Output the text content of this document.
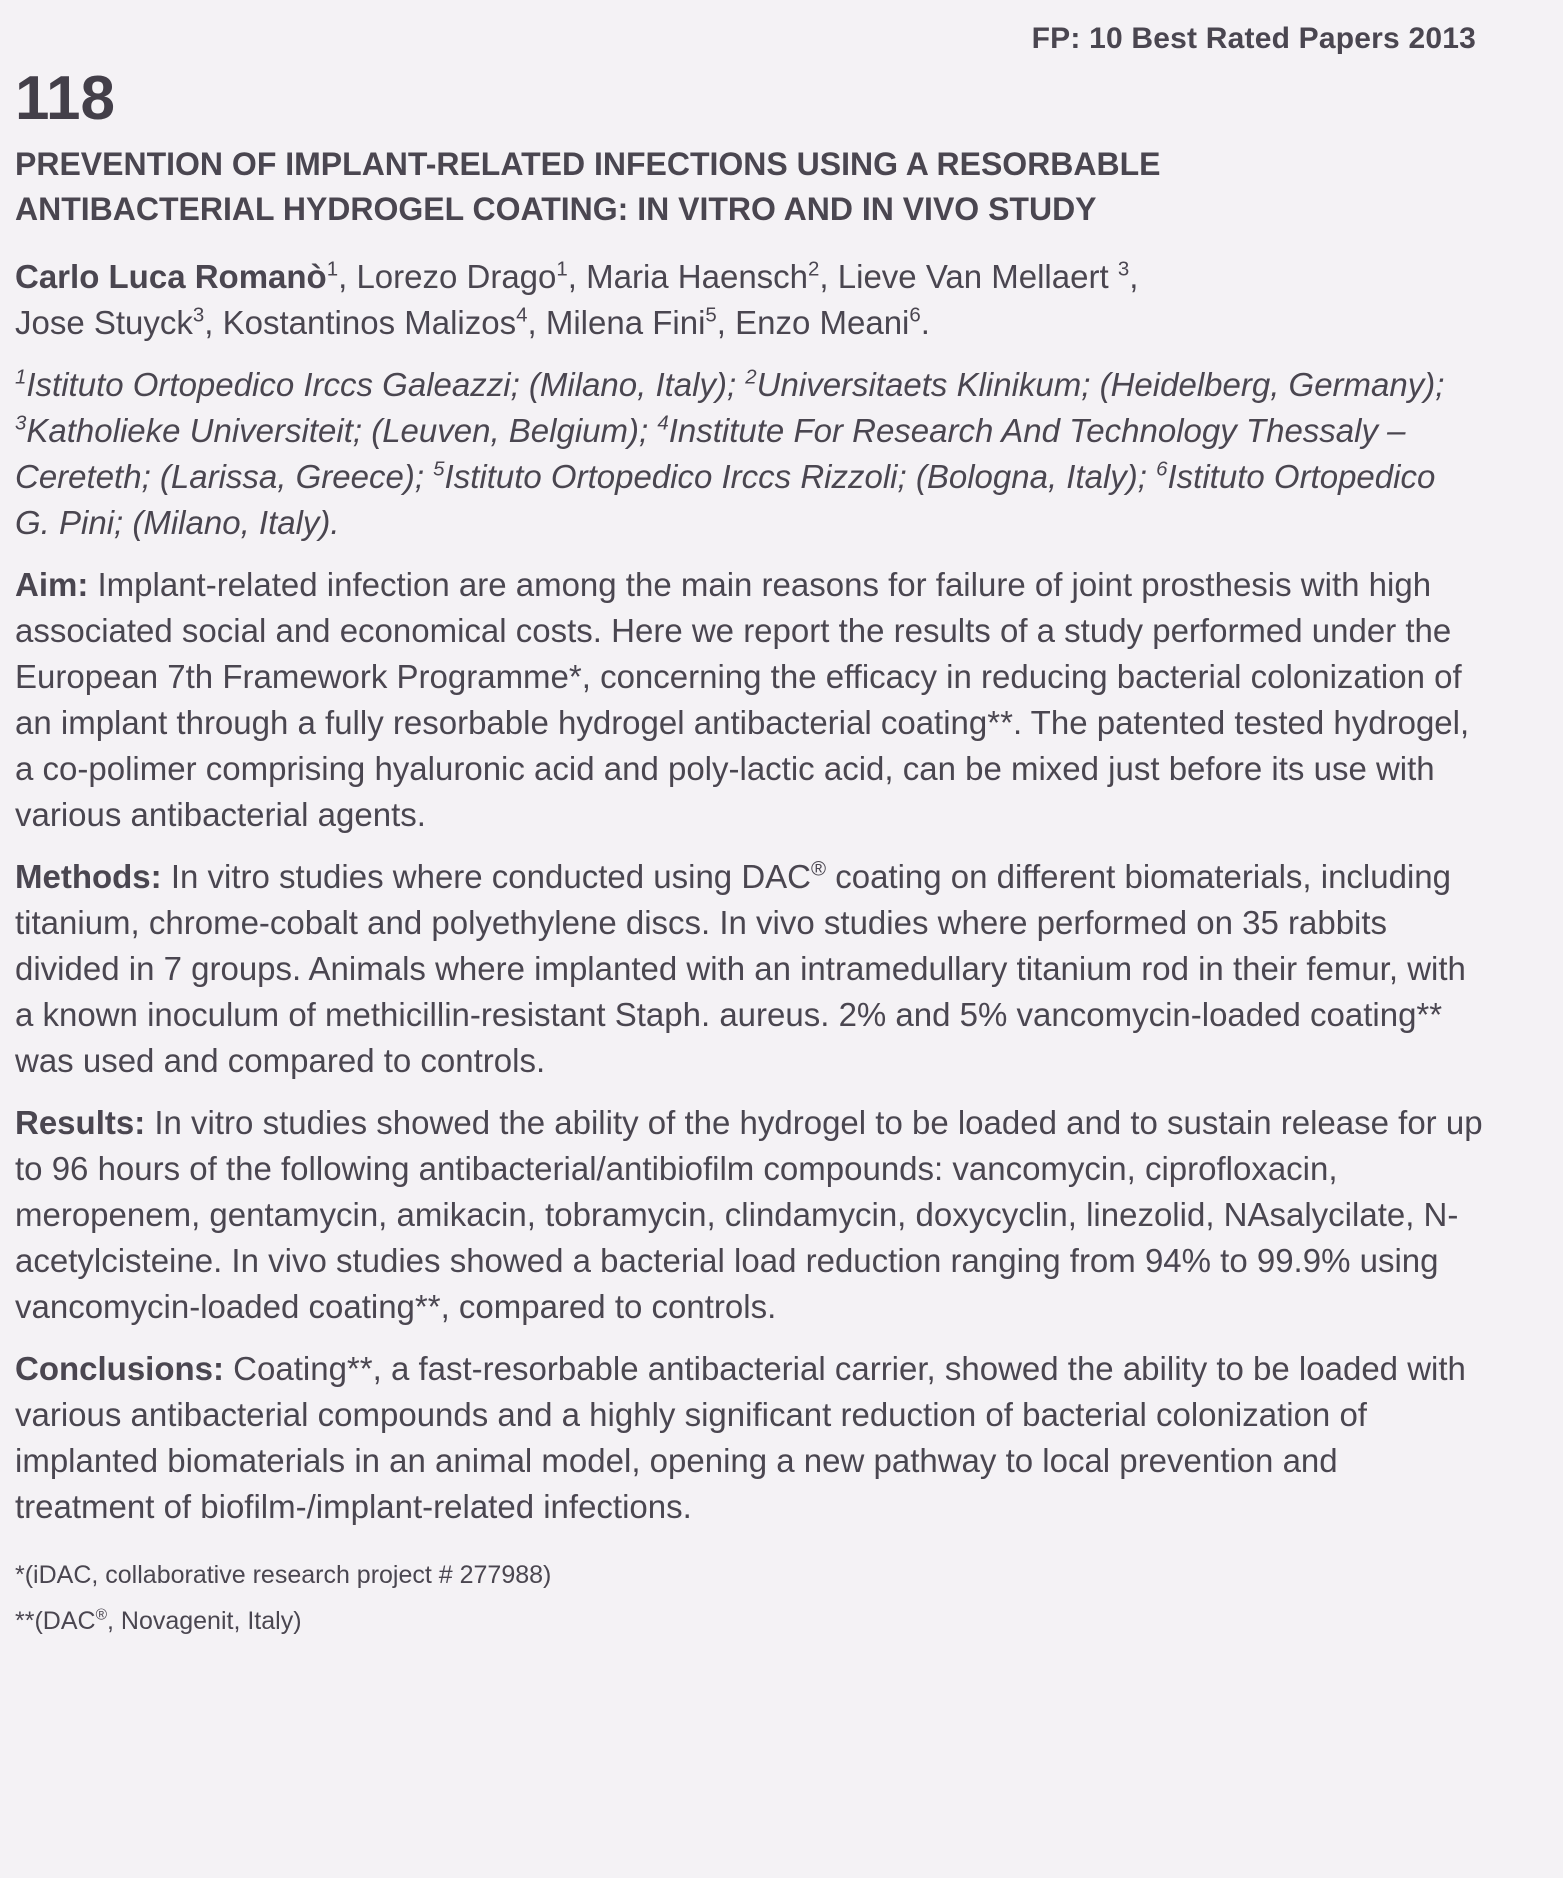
FP: 10 Best Rated Papers 2013
118
PREVENTION OF IMPLANT-RELATED INFECTIONS USING A RESORBABLE
ANTIBACTERIAL HYDROGEL COATING: IN VITRO AND IN VIVO STUDY
Carlo Luca Romanò$^1$, Lorezo Drago$^1$, Maria Haensch$^2$, Lieve Van Mellaert $^3$,
Jose Stuyck$^3$, Kostantinos Malizos$^4$, Milena Fini$^5$, Enzo Meani$^6$.
$^1$Istituto Ortopedico Irccs Galeazzi; (Milano, Italy); $^2$Universitaets Klinikum; (Heidelberg, Germany); $^3$Katholieke Universiteit; (Leuven, Belgium); $^4$Institute For Research And Technology Thessaly – Cereteth; (Larissa, Greece); $^5$Istituto Ortopedico Irccs Rizzoli; (Bologna, Italy); $^6$Istituto Ortopedico G. Pini; (Milano, Italy).
Aim: Implant-related infection are among the main reasons for failure of joint prosthesis with high associated social and economical costs. Here we report the results of a study performed under the European 7th Framework Programme*, concerning the efficacy in reducing bacterial colonization of an implant through a fully resorbable hydrogel antibacterial coating**. The patented tested hydrogel, a co-polimer comprising hyaluronic acid and poly-lactic acid, can be mixed just before its use with various antibacterial agents.
Methods: In vitro studies where conducted using DAC® coating on different biomaterials, including titanium, chrome-cobalt and polyethylene discs. In vivo studies where performed on 35 rabbits divided in 7 groups. Animals where implanted with an intramedullary titanium rod in their femur, with a known inoculum of methicillin-resistant Staph. aureus. 2% and 5% vancomycin-loaded coating** was used and compared to controls.
Results: In vitro studies showed the ability of the hydrogel to be loaded and to sustain release for up to 96 hours of the following antibacterial/antibiofilm compounds: vancomycin, ciprofloxacin, meropenem, gentamycin, amikacin, tobramycin, clindamycin, doxycyclin, linezolid, NAsalycilate, N-acetylcisteine. In vivo studies showed a bacterial load reduction ranging from 94% to 99.9% using vancomycin-loaded coating**, compared to controls.
Conclusions: Coating**, a fast-resorbable antibacterial carrier, showed the ability to be loaded with various antibacterial compounds and a highly significant reduction of bacterial colonization of implanted biomaterials in an animal model, opening a new pathway to local prevention and treatment of biofilm-/implant-related infections.
*(iDAC, collaborative research project # 277988)
**(DAC®, Novagenit, Italy)
